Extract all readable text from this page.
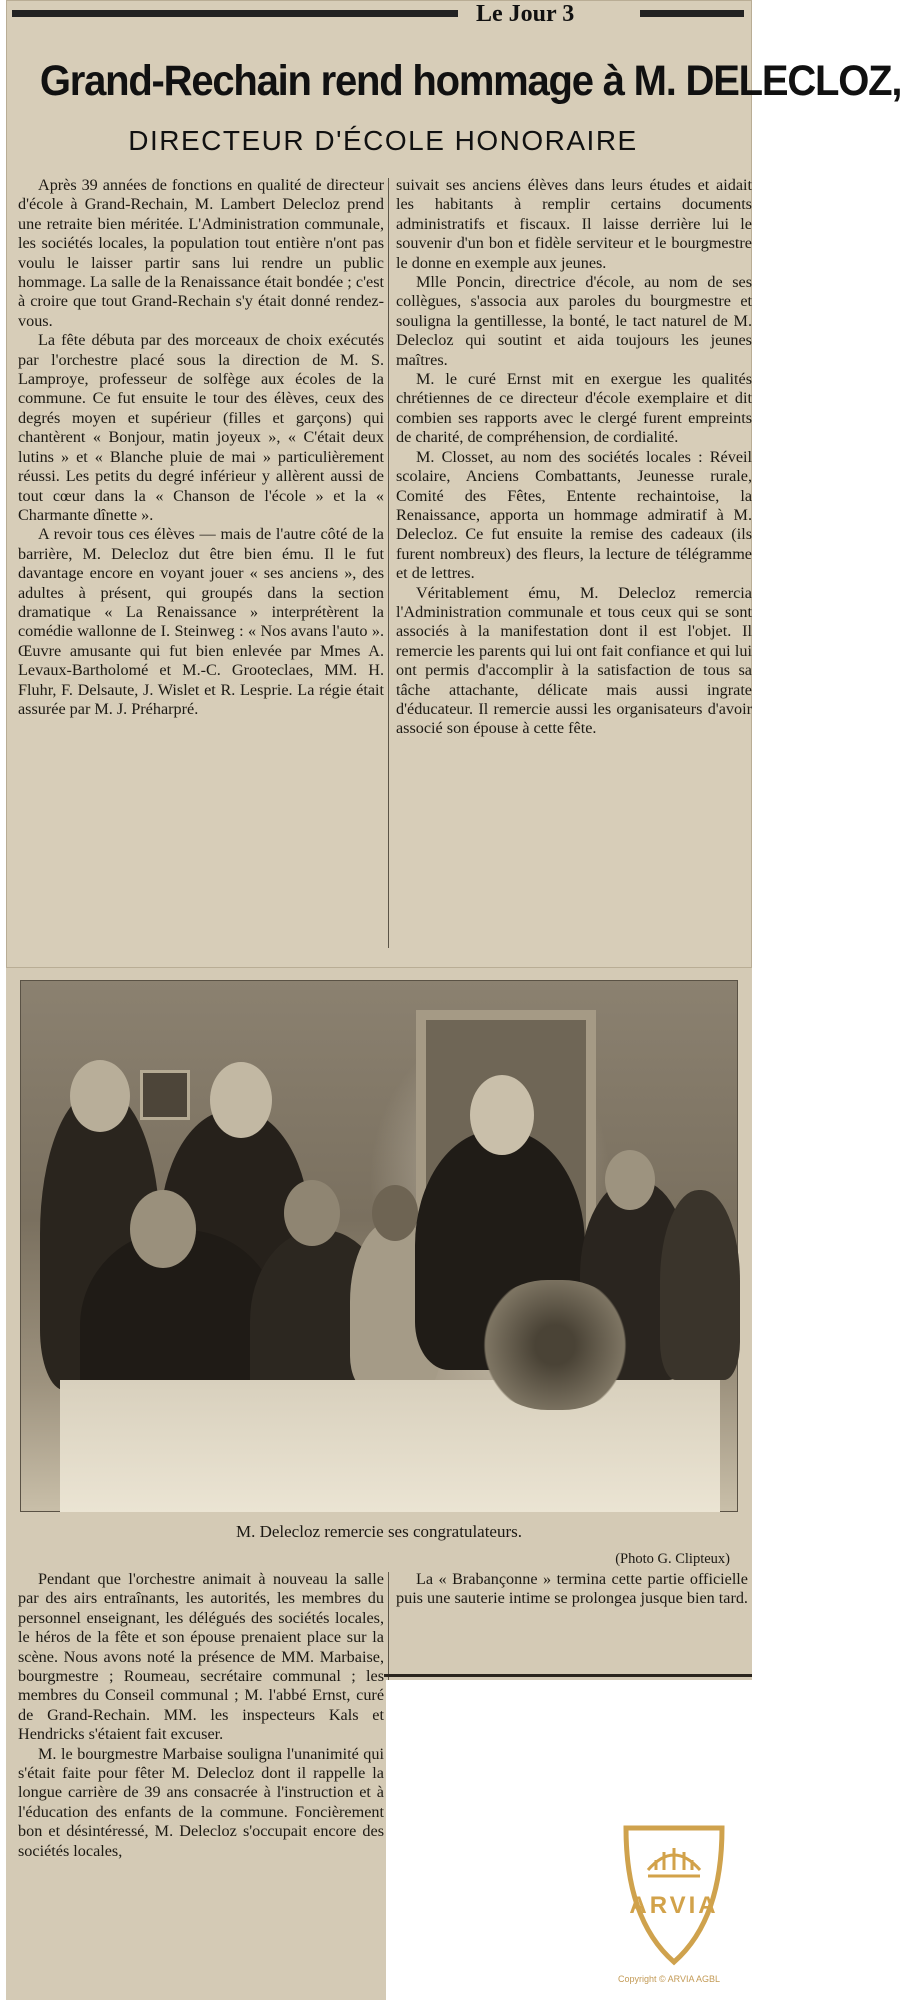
Le Jour 3
Grand-Rechain rend hommage à M. DELECLOZ,
DIRECTEUR D'ÉCOLE HONORAIRE

Après 39 années de fonctions en qualité de directeur d'école à Grand-Rechain, M. Lambert Delecloz prend une retraite bien méritée. L'Administration communale, les sociétés locales, la population tout entière n'ont pas voulu le laisser partir sans lui rendre un public hommage. La salle de la Renaissance était bondée ; c'est à croire que tout Grand-Rechain s'y était donné rendez-vous.

La fête débuta par des morceaux de choix exécutés par l'orchestre placé sous la direction de M. S. Lamproye, professeur de solfège aux écoles de la commune. Ce fut ensuite le tour des élèves, ceux des degrés moyen et supérieur (filles et garçons) qui chantèrent « Bonjour, matin joyeux », « C'était deux lutins » et « Blanche pluie de mai » particulièrement réussi. Les petits du degré inférieur y allèrent aussi de tout cœur dans la « Chanson de l'école » et la « Charmante dînette ».

A revoir tous ces élèves — mais de l'autre côté de la barrière, M. Delecloz dut être bien ému. Il le fut davantage encore en voyant jouer « ses anciens », des adultes à présent, qui groupés dans la section dramatique « La Renaissance » interprétèrent la comédie wallonne de I. Steinweg : « Nos avans l'auto ». Œuvre amusante qui fut bien enlevée par Mmes A. Levaux-Bartholomé et M.-C. Grooteclaes, MM. H. Fluhr, F. Delsaute, J. Wislet et R. Lesprie. La régie était assurée par M. J. Préharpré.

suivait ses anciens élèves dans leurs études et aidait les habitants à remplir certains documents administratifs et fiscaux. Il laisse derrière lui le souvenir d'un bon et fidèle serviteur et le bourgmestre le donne en exemple aux jeunes.

Mlle Poncin, directrice d'école, au nom de ses collègues, s'associa aux paroles du bourgmestre et souligna la gentillesse, la bonté, le tact naturel de M. Delecloz qui soutint et aida toujours les jeunes maîtres.

M. le curé Ernst mit en exergue les qualités chrétiennes de ce directeur d'école exemplaire et dit combien ses rapports avec le clergé furent empreints de charité, de compréhension, de cordialité.

M. Closset, au nom des sociétés locales : Réveil scolaire, Anciens Combattants, Jeunesse rurale, Comité des Fêtes, Entente rechaintoise, la Renaissance, apporta un hommage admiratif à M. Delecloz. Ce fut ensuite la remise des cadeaux (ils furent nombreux) des fleurs, la lecture de télégramme et de lettres.

Véritablement ému, M. Delecloz remercia l'Administration communale et tous ceux qui se sont associés à la manifestation dont il est l'objet. Il remercie les parents qui lui ont fait confiance et qui lui ont permis d'accomplir à la satisfaction de tous sa tâche attachante, délicate mais aussi ingrate d'éducateur. Il remercie aussi les organisateurs d'avoir associé son épouse à cette fête.

M. Delecloz remercie ses congratulateurs.
(Photo G. Clipteux)

Pendant que l'orchestre animait à nouveau la salle par des airs entraînants, les autorités, les membres du personnel enseignant, les délégués des sociétés locales, le héros de la fête et son épouse prenaient place sur la scène. Nous avons noté la présence de MM. Marbaise, bourgmestre ; Roumeau, secrétaire communal ; les membres du Conseil communal ; M. l'abbé Ernst, curé de Grand-Rechain. MM. les inspecteurs Kals et Hendricks s'étaient fait excuser.

M. le bourgmestre Marbaise souligna l'unanimité qui s'était faite pour fêter M. Delecloz dont il rappelle la longue carrière de 39 ans consacrée à l'instruction et à l'éducation des enfants de la commune. Foncièrement bon et désintéressé, M. Delecloz s'occupait encore des sociétés locales,

La « Brabançonne » termina cette partie officielle puis une sauterie intime se prolongea jusque bien tard.

ARVIA
Copyright © ARVIA AGBL
